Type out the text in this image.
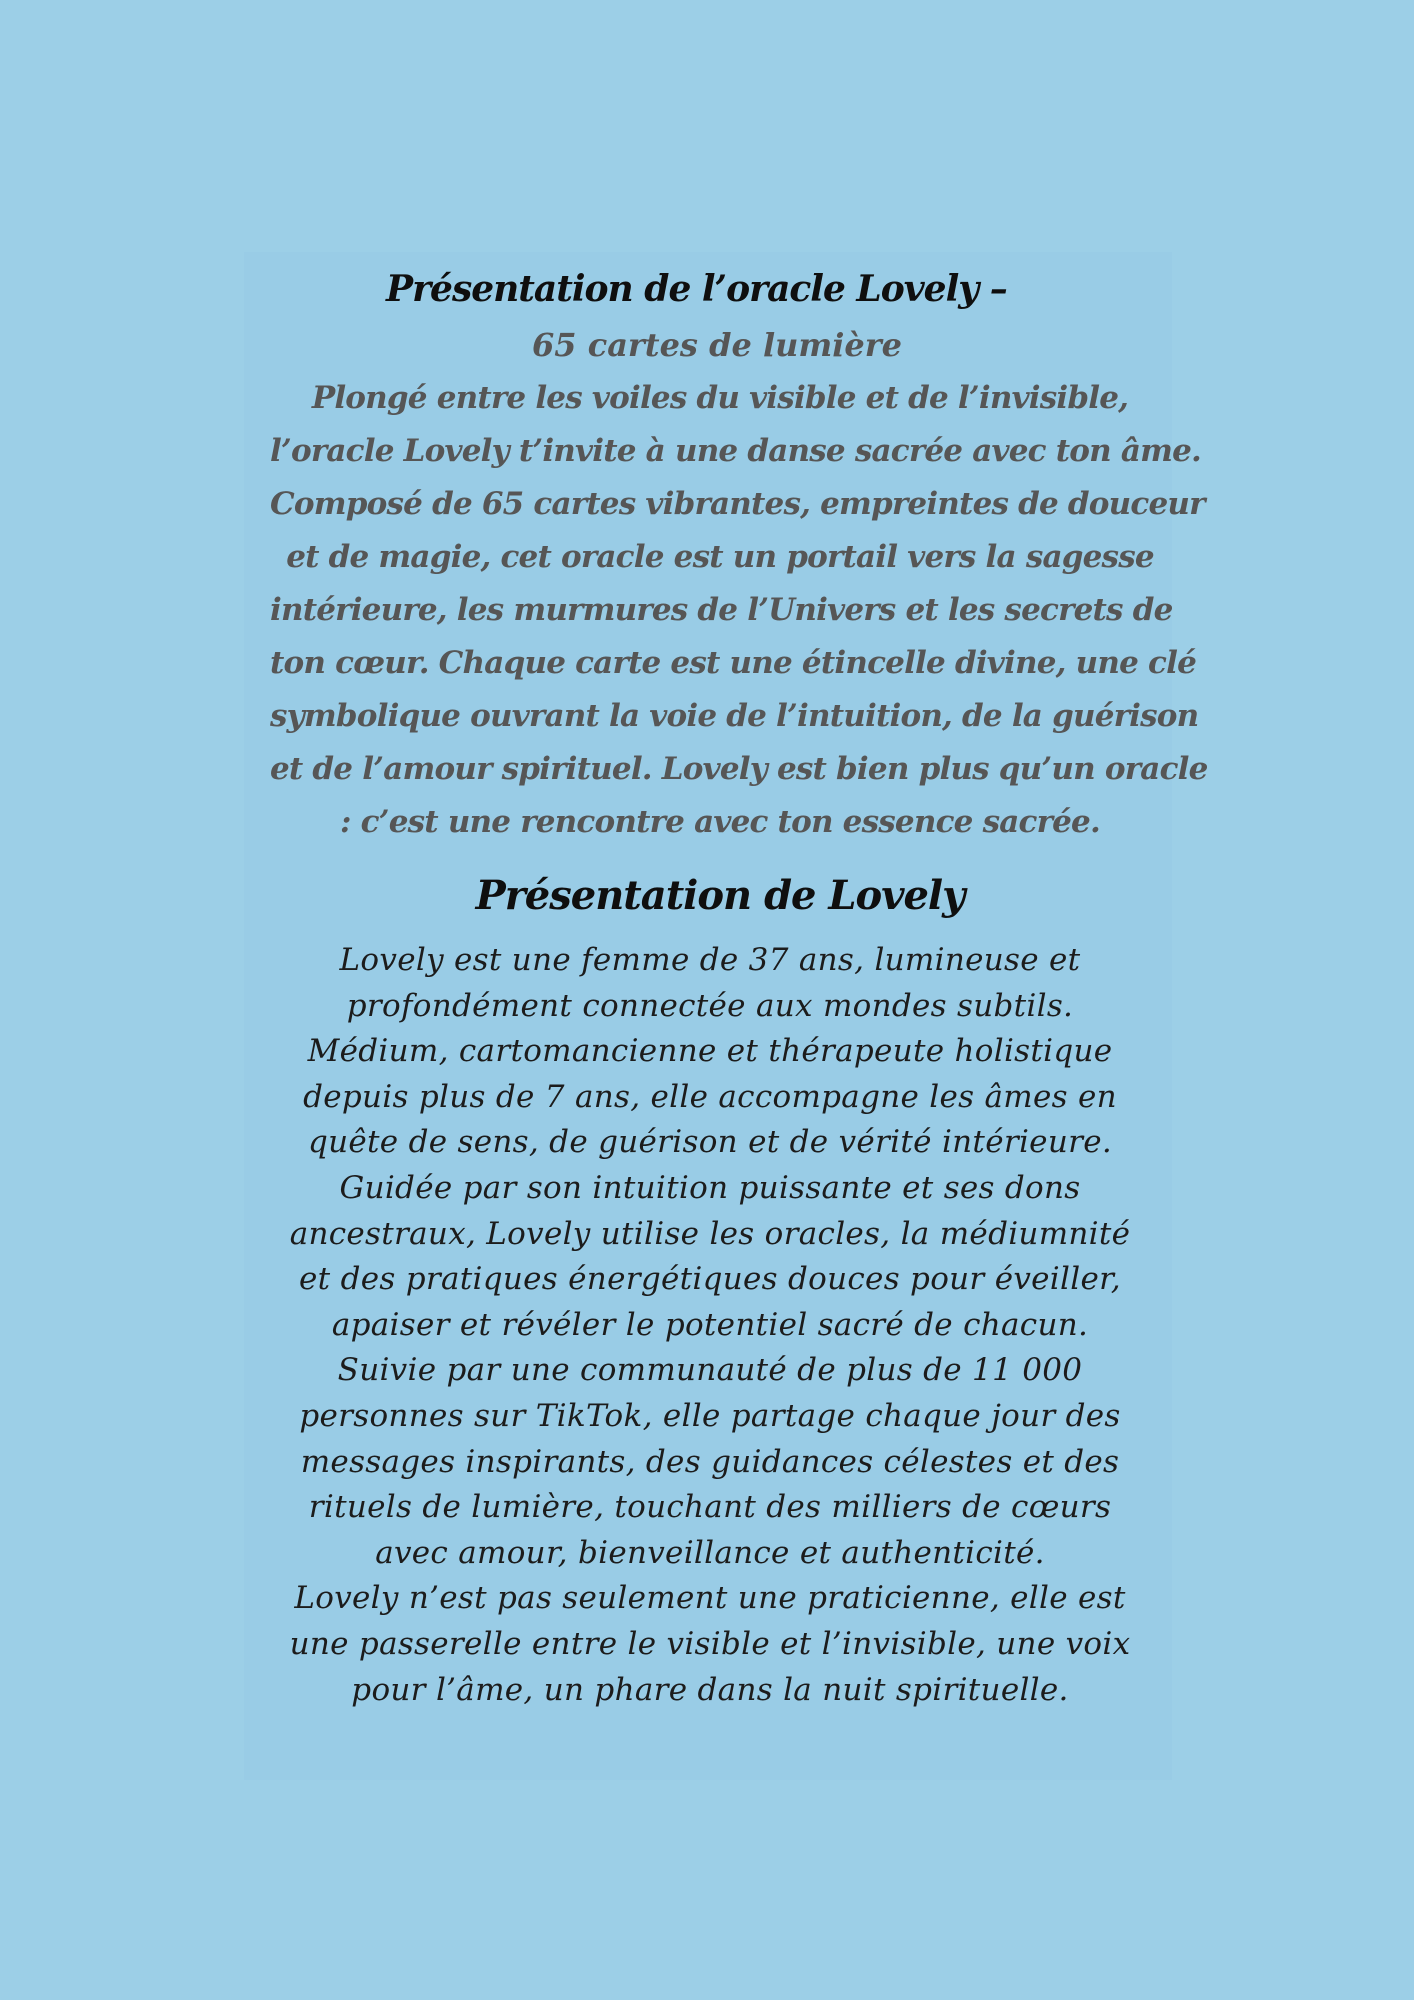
Présentation de l’oracle Lovely –
65 cartes de lumière
Plongé entre les voiles du visible et de l’invisible,
l’oracle Lovely t’invite à une danse sacrée avec ton âme.
Composé de 65 cartes vibrantes, empreintes de douceur
et de magie, cet oracle est un portail vers la sagesse
intérieure, les murmures de l’Univers et les secrets de
ton cœur. Chaque carte est une étincelle divine, une clé
symbolique ouvrant la voie de l’intuition, de la guérison
et de l’amour spirituel. Lovely est bien plus qu’un oracle
: c’est une rencontre avec ton essence sacrée.
Présentation de Lovely
Lovely est une femme de 37 ans, lumineuse et
profondément connectée aux mondes subtils.
Médium, cartomancienne et thérapeute holistique
depuis plus de 7 ans, elle accompagne les âmes en
quête de sens, de guérison et de vérité intérieure.
Guidée par son intuition puissante et ses dons
ancestraux, Lovely utilise les oracles, la médiumnité
et des pratiques énergétiques douces pour éveiller,
apaiser et révéler le potentiel sacré de chacun.
Suivie par une communauté de plus de 11 000
personnes sur TikTok, elle partage chaque jour des
messages inspirants, des guidances célestes et des
rituels de lumière, touchant des milliers de cœurs
avec amour, bienveillance et authenticité.
Lovely n’est pas seulement une praticienne, elle est
une passerelle entre le visible et l’invisible, une voix
pour l’âme, un phare dans la nuit spirituelle.
